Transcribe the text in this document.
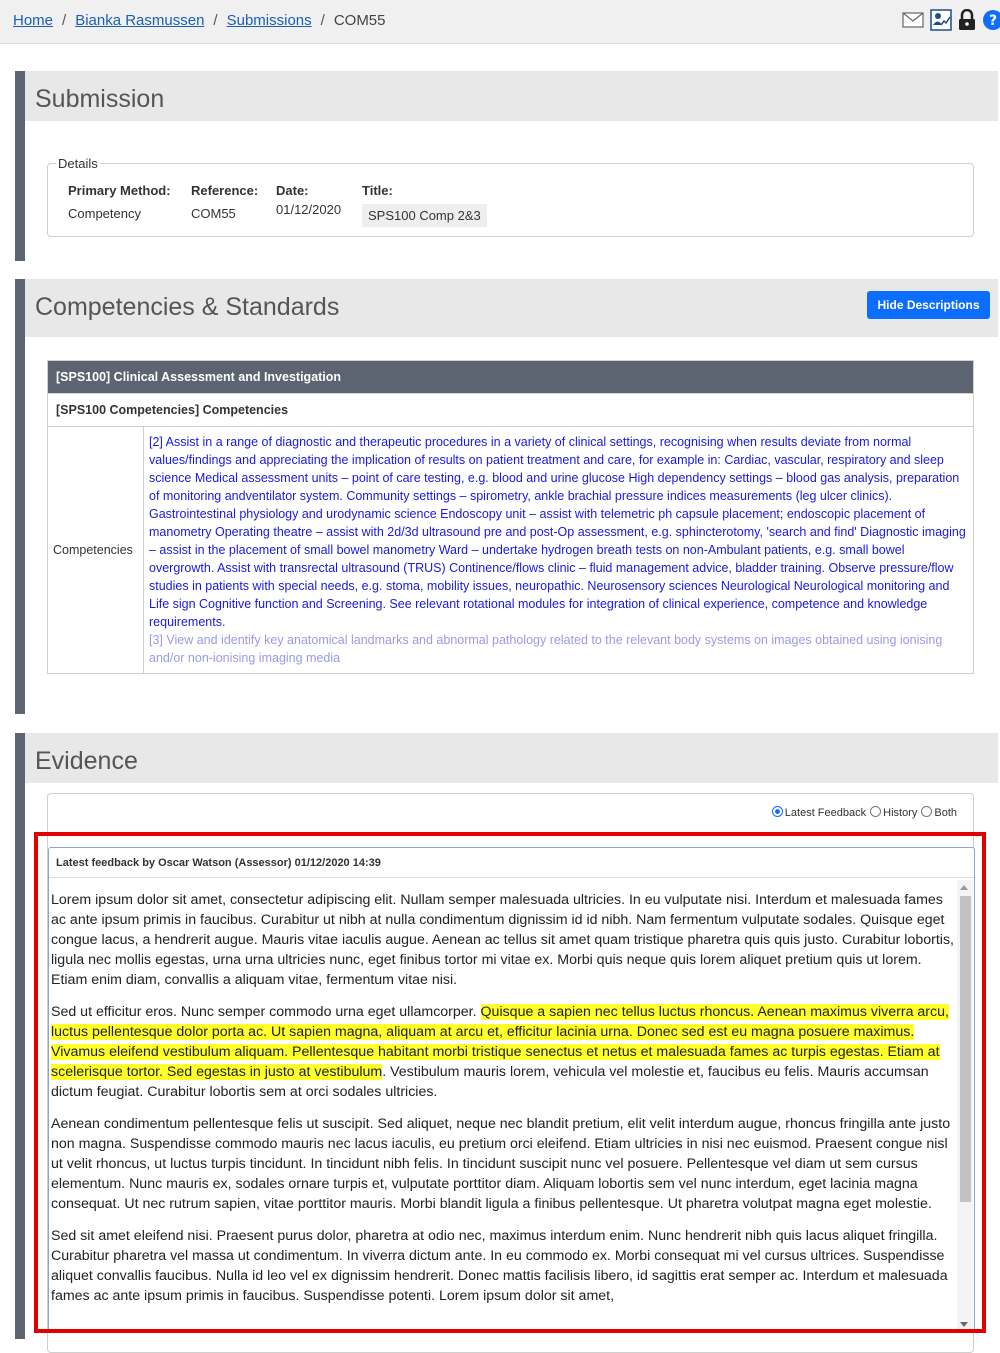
Home / Bianka Rasmussen / Submissions / COM55	?
Submission
Details
Primary Method:
Competency
Reference:
COM55
Date:
01/12/2020
Title:
SPS100 Comp 2&3
Competencies & Standards	Hide Descriptions
[SPS100] Clinical Assessment and Investigation
[SPS100 Competencies] Competencies
Competencies	
[2] Assist in a range of diagnostic and therapeutic procedures in a variety of clinical settings, recognising when results deviate from normal values/findings and appreciating the implication of results on patient treatment and care, for example in: Cardiac, vascular, respiratory and sleep science Medical assessment units – point of care testing, e.g. blood and urine glucose High dependency settings – blood gas analysis, preparation of monitoring andventilator system. Community settings – spirometry, ankle brachial pressure indices measurements (leg ulcer clinics). Gastrointestinal physiology and urodynamic science Endoscopy unit – assist with telemetric ph capsule placement; endoscopic placement of manometry Operating theatre – assist with 2d/3d ultrasound pre and post-Op assessment, e.g. sphincterotomy, 'search and find' Diagnostic imaging – assist in the placement of small bowel manometry Ward – undertake hydrogen breath tests on non-Ambulant patients, e.g. small bowel overgrowth. Assist with transrectal ultrasound (TRUS) Continence/flows clinic – fluid management advice, bladder training. Observe pressure/flow studies in patients with special needs, e.g. stoma, mobility issues, neuropathic. Neurosensory sciences Neurological Neurological monitoring and Life sign Cognitive function and Screening. See relevant rotational modules for integration of clinical experience, competence and knowledge requirements.
[3] View and identify key anatomical landmarks and abnormal pathology related to the relevant body systems on images obtained using ionising and/or non-ionising imaging media
Evidence
Latest Feedback	History	Both
Latest feedback by Oscar Watson (Assessor) 01/12/2020 14:39

Lorem ipsum dolor sit amet, consectetur adipiscing elit. Nullam semper malesuada ultricies. In eu vulputate nisi. Interdum et malesuada fames ac ante ipsum primis in faucibus. Curabitur ut nibh at nulla condimentum dignissim id id nibh. Nam fermentum vulputate sodales. Quisque eget congue lacus, a hendrerit augue. Mauris vitae iaculis augue. Aenean ac tellus sit amet quam tristique pharetra quis quis justo. Curabitur lobortis, ligula nec mollis egestas, urna urna ultricies nunc, eget finibus tortor mi vitae ex. Morbi quis neque quis lorem aliquet pretium quis ut lorem. Etiam enim diam, convallis a aliquam vitae, fermentum vitae nisi.

Sed ut efficitur eros. Nunc semper commodo urna eget ullamcorper. Quisque a sapien nec tellus luctus rhoncus. Aenean maximus viverra arcu, luctus pellentesque dolor porta ac. Ut sapien magna, aliquam at arcu et, efficitur lacinia urna. Donec sed est eu magna posuere maximus. Vivamus eleifend vestibulum aliquam. Pellentesque habitant morbi tristique senectus et netus et malesuada fames ac turpis egestas. Etiam at scelerisque tortor. Sed egestas in justo at vestibulum. Vestibulum mauris lorem, vehicula vel molestie et, faucibus eu felis. Mauris accumsan dictum feugiat. Curabitur lobortis sem at orci sodales ultricies.

Aenean condimentum pellentesque felis ut suscipit. Sed aliquet, neque nec blandit pretium, elit velit interdum augue, rhoncus fringilla ante justo non magna. Suspendisse commodo mauris nec lacus iaculis, eu pretium orci eleifend. Etiam ultricies in nisi nec euismod. Praesent congue nisl ut velit rhoncus, ut luctus turpis tincidunt. In tincidunt nibh felis. In tincidunt suscipit nunc vel posuere. Pellentesque vel diam ut sem cursus elementum. Nunc mauris ex, sodales ornare turpis et, vulputate porttitor diam. Aliquam lobortis sem vel nunc interdum, eget lacinia magna consequat. Ut nec rutrum sapien, vitae porttitor mauris. Morbi blandit ligula a finibus pellentesque. Ut pharetra volutpat magna eget molestie.

Sed sit amet eleifend nisi. Praesent purus dolor, pharetra at odio nec, maximus interdum enim. Nunc hendrerit nibh quis lacus aliquet fringilla. Curabitur pharetra vel massa ut condimentum. In viverra dictum ante. In eu commodo ex. Morbi consequat mi vel cursus ultrices. Suspendisse aliquet convallis faucibus. Nulla id leo vel ex dignissim hendrerit. Donec mattis facilisis libero, id sagittis erat semper ac. Interdum et malesuada fames ac ante ipsum primis in faucibus. Suspendisse potenti. Lorem ipsum dolor sit amet,
